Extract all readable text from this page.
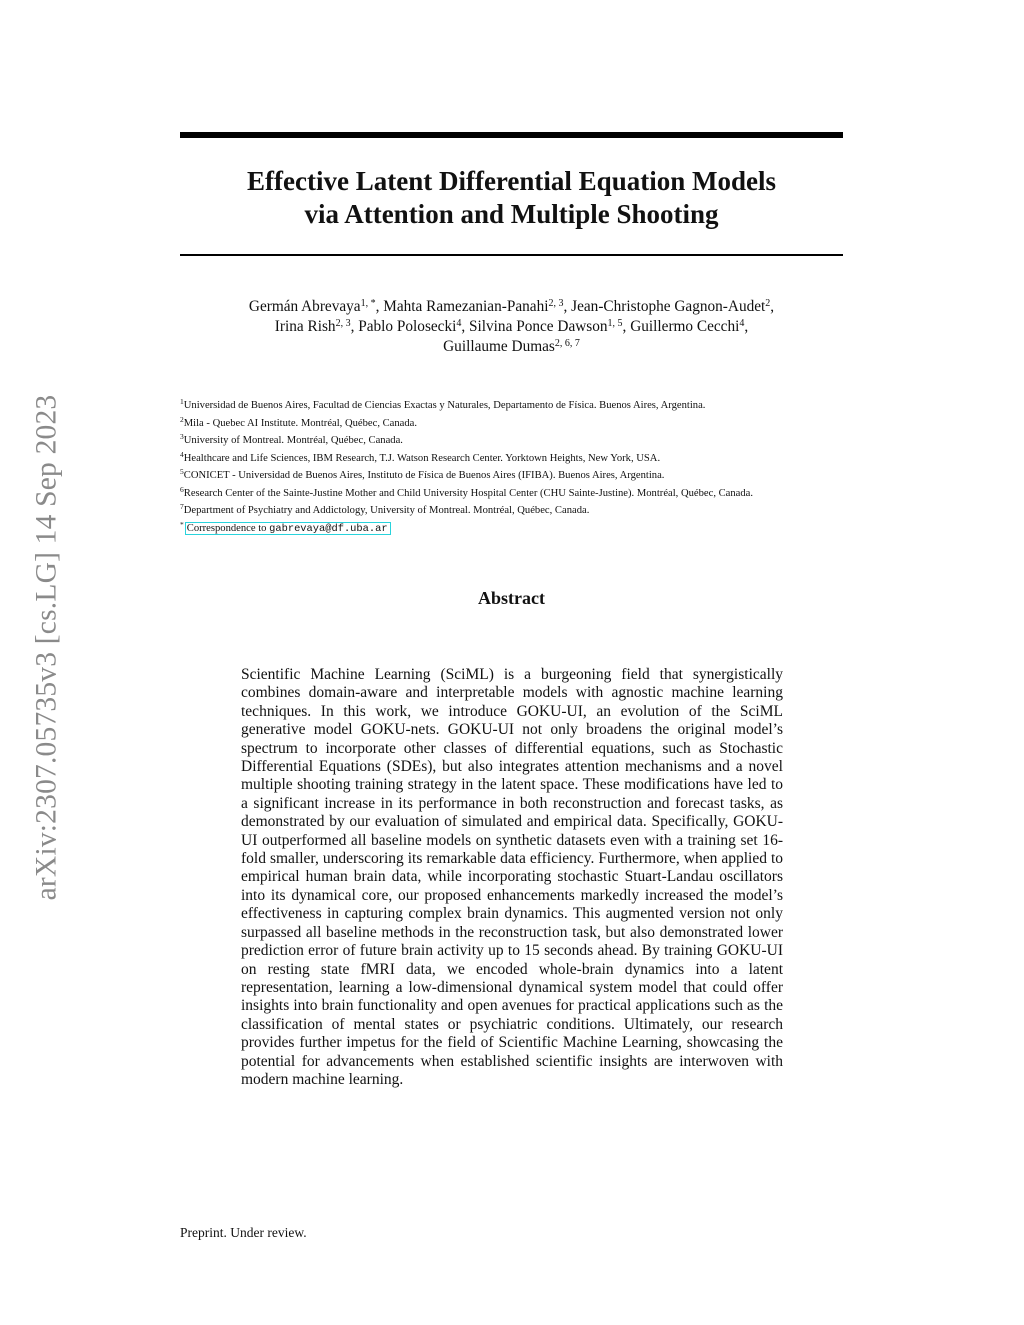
arXiv:2307.05735v3 [cs.LG] 14 Sep 2023
Effective Latent Differential Equation Models
via Attention and Multiple Shooting
Germán Abrevaya$^{1, *}$, Mahta Ramezanian-Panahi$^{2, 3}$, Jean-Christophe Gagnon-Audet$^2$,
Irina Rish$^{2, 3}$, Pablo Polosecki$^4$, Silvina Ponce Dawson$^{1, 5}$, Guillermo Cecchi$^4$,
Guillaume Dumas$^{2, 6, 7}$
$^1$Universidad de Buenos Aires, Facultad de Ciencias Exactas y Naturales, Departamento de Física. Buenos Aires, Argentina.
$^2$Mila - Quebec AI Institute. Montréal, Québec, Canada.
$^3$University of Montreal. Montréal, Québec, Canada.
$^4$Healthcare and Life Sciences, IBM Research, T.J. Watson Research Center. Yorktown Heights, New York, USA.
$^5$CONICET - Universidad de Buenos Aires, Instituto de Física de Buenos Aires (IFIBA). Buenos Aires, Argentina.
$^6$Research Center of the Sainte-Justine Mother and Child University Hospital Center (CHU Sainte-Justine). Montréal, Québec, Canada.
$^7$Department of Psychiatry and Addictology, University of Montreal. Montréal, Québec, Canada.
* Correspondence to gabrevaya@df.uba.ar
Abstract
Scientific Machine Learning (SciML) is a burgeoning field that synergistically combines domain-aware and interpretable models with agnostic machine learning techniques. In this work, we introduce GOKU-UI, an evolution of the SciML generative model GOKU-nets. GOKU-UI not only broadens the original model’s spectrum to incorporate other classes of differential equations, such as Stochastic Differential Equations (SDEs), but also integrates attention mechanisms and a novel multiple shooting training strategy in the latent space. These modifications have led to a significant increase in its performance in both reconstruction and forecast tasks, as demonstrated by our evaluation of simulated and empirical data. Specifically, GOKU-UI outperformed all baseline models on synthetic datasets even with a training set 16-fold smaller, underscoring its remarkable data efficiency. Furthermore, when applied to empirical human brain data, while incorporating stochastic Stuart-Landau oscillators into its dynamical core, our proposed enhancements markedly increased the model’s effectiveness in capturing complex brain dynamics. This augmented version not only surpassed all baseline methods in the reconstruction task, but also demonstrated lower prediction error of future brain activity up to 15 seconds ahead. By training GOKU-UI on resting state fMRI data, we encoded whole-brain dynamics into a latent representation, learning a low-dimensional dynamical system model that could offer insights into brain functionality and open avenues for practical applications such as the classification of mental states or psychiatric conditions. Ultimately, our research provides further impetus for the field of Scientific Machine Learning, showcasing the potential for advancements when established scientific insights are interwoven with modern machine learning.
Preprint. Under review.
